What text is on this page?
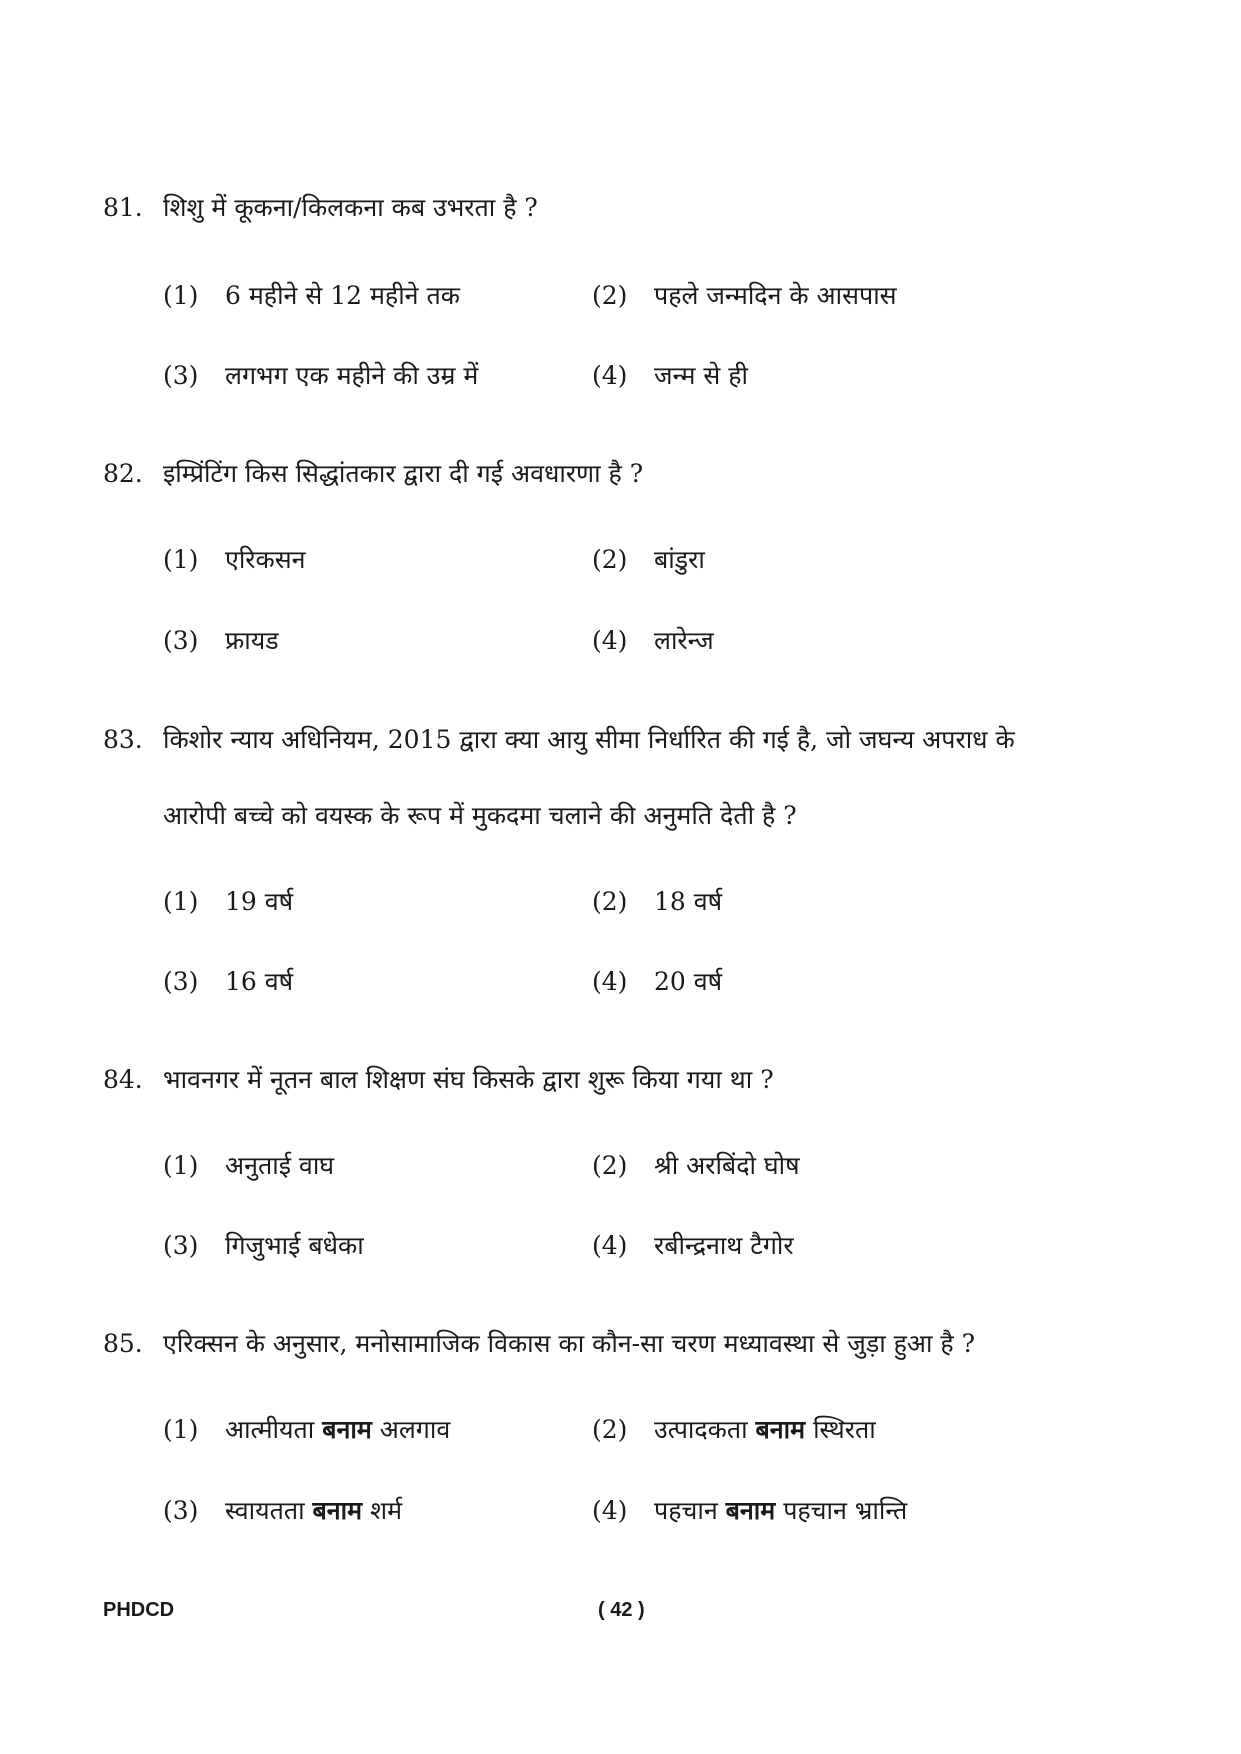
81. शिशु में कूकना/किलकना कब उभरता है ?
(1) 6 महीने से 12 महीने तक	(2) पहले जन्मदिन के आसपास
(3) लगभग एक महीने की उम्र में	(4) जन्म से ही
82. इम्प्रिंटिंग किस सिद्धांतकार द्वारा दी गई अवधारणा है ?
(1) एरिकसन	(2) बांडुरा
(3) फ्रायड	(4) लारेन्ज
83. किशोर न्याय अधिनियम, 2015 द्वारा क्या आयु सीमा निर्धारित की गई है, जो जघन्य अपराध के
आरोपी बच्चे को वयस्क के रूप में मुकदमा चलाने की अनुमति देती है ?
(1) 19 वर्ष	(2) 18 वर्ष
(3) 16 वर्ष	(4) 20 वर्ष
84. भावनगर में नूतन बाल शिक्षण संघ किसके द्वारा शुरू किया गया था ?
(1) अनुताई वाघ	(2) श्री अरबिंदो घोष
(3) गिजुभाई बधेका	(4) रबीन्द्रनाथ टैगोर
85. एरिक्सन के अनुसार, मनोसामाजिक विकास का कौन-सा चरण मध्यावस्था से जुड़ा हुआ है ?
(1) आत्मीयता बनाम अलगाव	(2) उत्पादकता बनाम स्थिरता
(3) स्वायतता बनाम शर्म	(4) पहचान बनाम पहचान भ्रान्ति
PHDCD	( 42 )
